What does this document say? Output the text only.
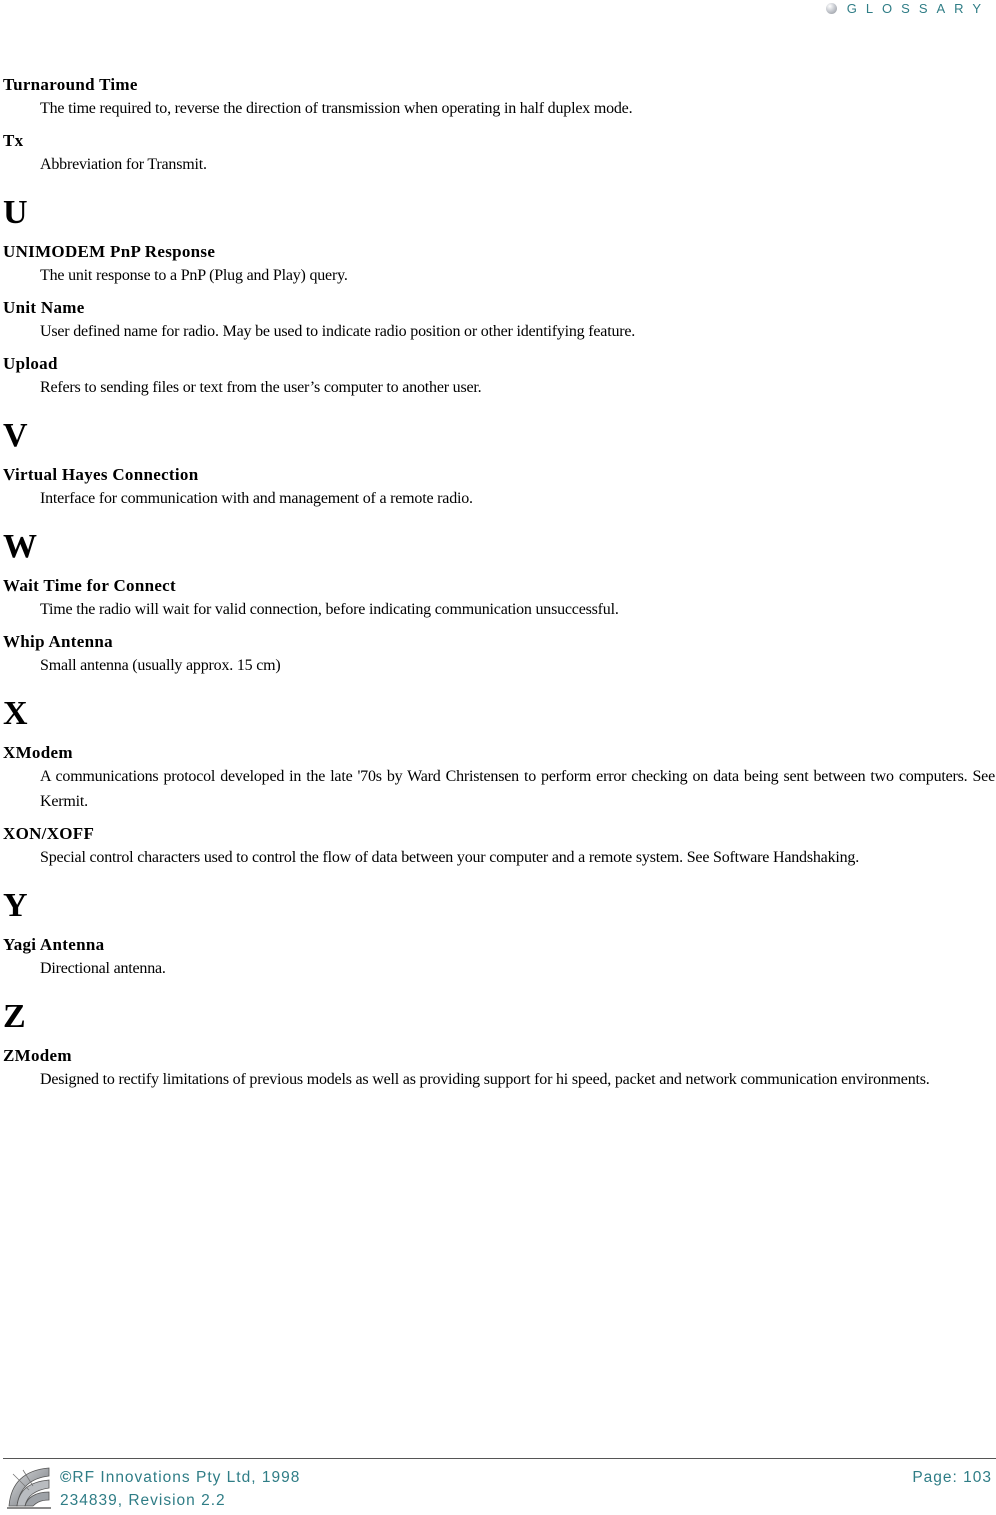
GLOSSARY
Turnaround Time
The time required to, reverse the direction of transmission when operating in half duplex mode.
Tx
Abbreviation for Transmit.
U
UNIMODEM PnP Response
The unit response to a PnP (Plug and Play) query.
Unit Name
User defined name for radio. May be used to indicate radio position or other identifying feature.
Upload
Refers to sending files or text from the user’s computer to another user.
V
Virtual Hayes Connection
Interface for communication with and management of a remote radio.
W
Wait Time for Connect
Time the radio will wait for valid connection, before indicating communication unsuccessful.
Whip Antenna
Small antenna (usually approx. 15 cm)
X
XModem
A communications protocol developed in the late '70s by Ward Christensen to perform error checking on data being sent between two computers. See Kermit.
XON/XOFF
Special control characters used to control the flow of data between your computer and a remote system. See Software Handshaking.
Y
Yagi Antenna
Directional antenna.
Z
ZModem
Designed to rectify limitations of previous models as well as providing support for hi speed, packet and network communication environments.
©RF Innovations Pty Ltd, 1998
234839, Revision 2.2
Page: 103
